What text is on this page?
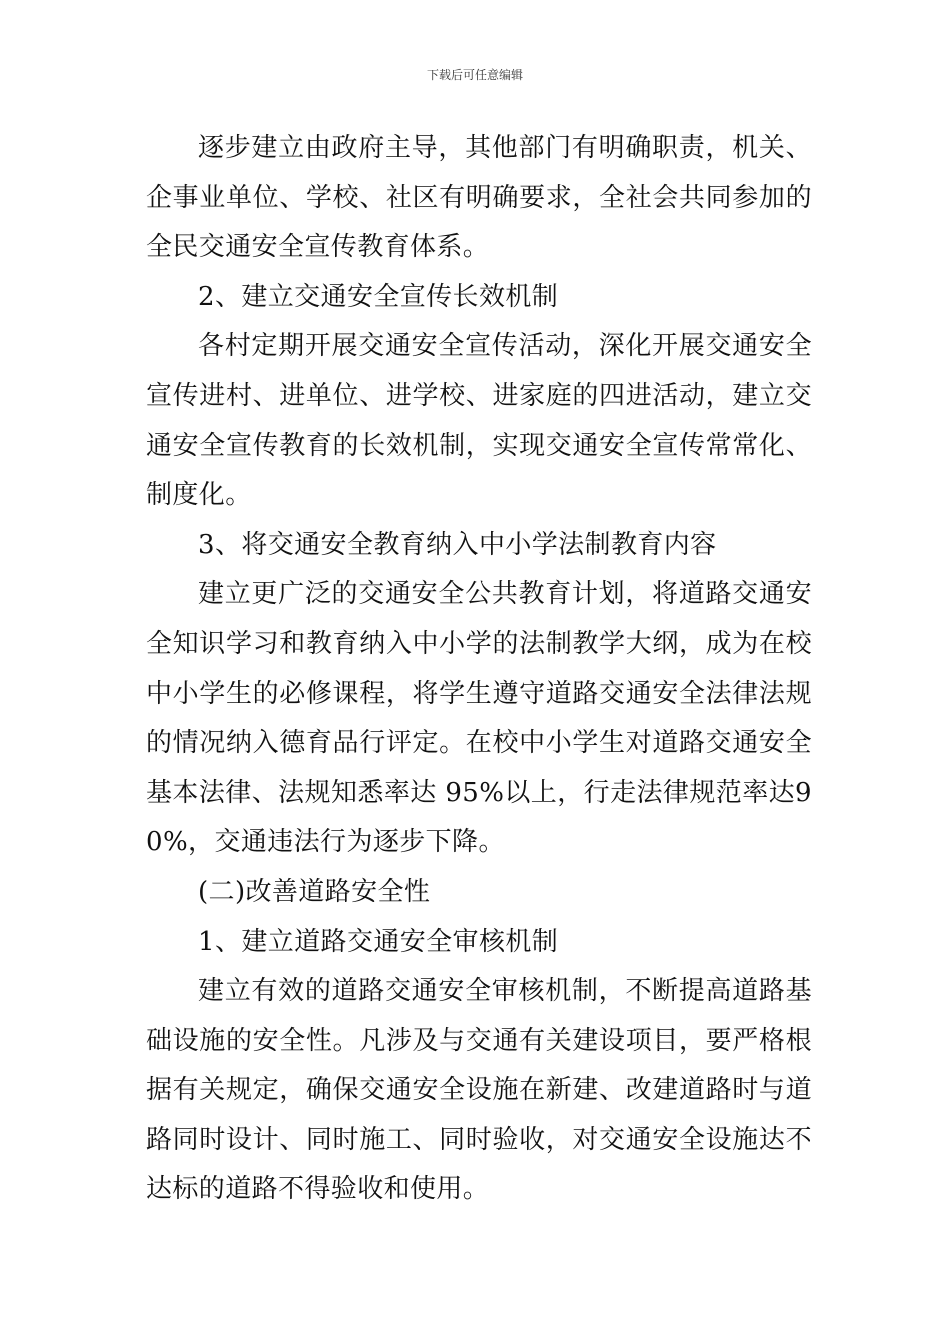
下载后可任意编辑

逐步建立由政府主导，其他部门有明确职责，机关、企事业单位、学校、社区有明确要求，全社会共同参加的全民交通安全宣传教育体系。

2、建立交通安全宣传长效机制

各村定期开展交通安全宣传活动，深化开展交通安全宣传进村、进单位、进学校、进家庭的四进活动，建立交通安全宣传教育的长效机制，实现交通安全宣传常常化、制度化。

3、将交通安全教育纳入中小学法制教育内容

建立更广泛的交通安全公共教育计划，将道路交通安全知识学习和教育纳入中小学的法制教学大纲，成为在校中小学生的必修课程，将学生遵守道路交通安全法律法规的情况纳入德育品行评定。在校中小学生对道路交通安全基本法律、法规知悉率达 95%以上，行走法律规范率达90%，交通违法行为逐步下降。

(二)改善道路安全性

1、建立道路交通安全审核机制

建立有效的道路交通安全审核机制，不断提高道路基础设施的安全性。凡涉及与交通有关建设项目，要严格根据有关规定，确保交通安全设施在新建、改建道路时与道路同时设计、同时施工、同时验收，对交通安全设施达不达标的道路不得验收和使用。
